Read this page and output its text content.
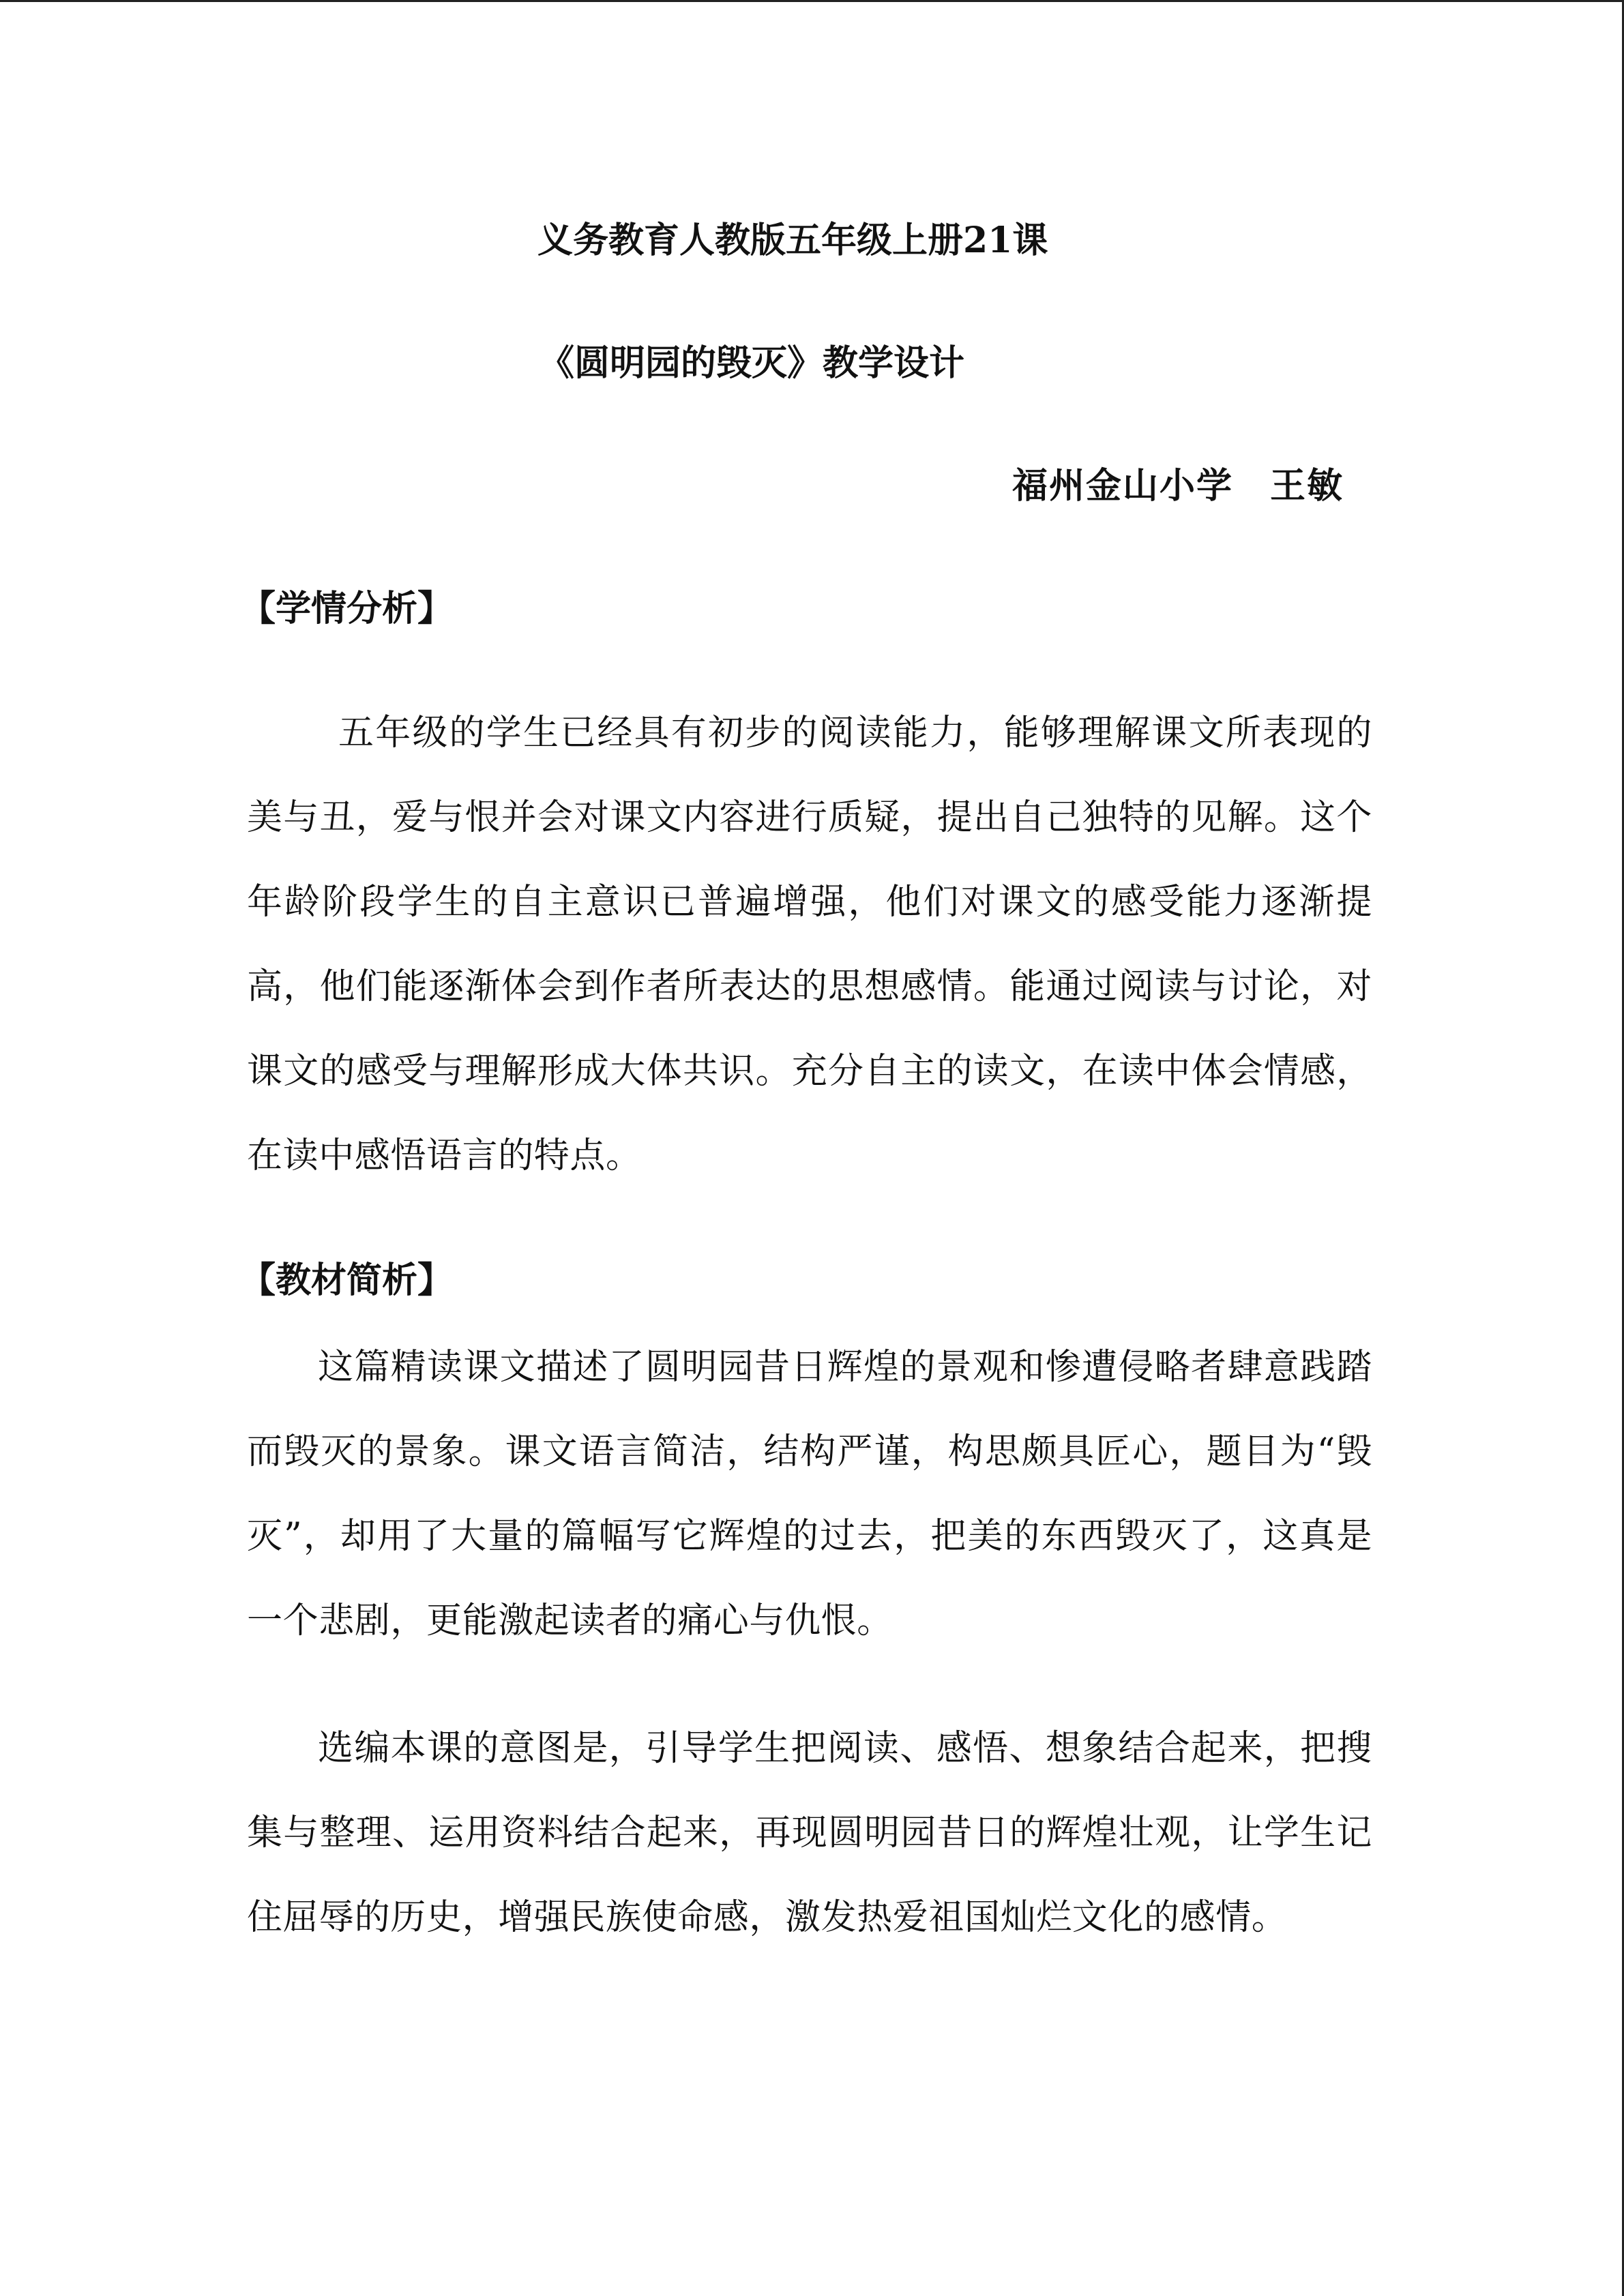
义务教育人教版五年级上册21课
《圆明园的毁灭》教学设计
福州金山小学　王敏
【学情分析】

五年级的学生已经具有初步的阅读能力，能够理解课文所表现的美与丑，爱与恨并会对课文内容进行质疑，提出自己独特的见解。这个年龄阶段学生的自主意识已普遍增强，他们对课文的感受能力逐渐提高，他们能逐渐体会到作者所表达的思想感情。能通过阅读与讨论，对课文的感受与理解形成大体共识。充分自主的读文，在读中体会情感，在读中感悟语言的特点。

【教材简析】

这篇精读课文描述了圆明园昔日辉煌的景观和惨遭侵略者肆意践踏而毁灭的景象。课文语言简洁，结构严谨，构思颇具匠心，题目为“毁灭”，却用了大量的篇幅写它辉煌的过去，把美的东西毁灭了，这真是一个悲剧，更能激起读者的痛心与仇恨。

选编本课的意图是，引导学生把阅读、感悟、想象结合起来，把搜集与整理、运用资料结合起来，再现圆明园昔日的辉煌壮观，让学生记住屈辱的历史，增强民族使命感，激发热爱祖国灿烂文化的感情。
